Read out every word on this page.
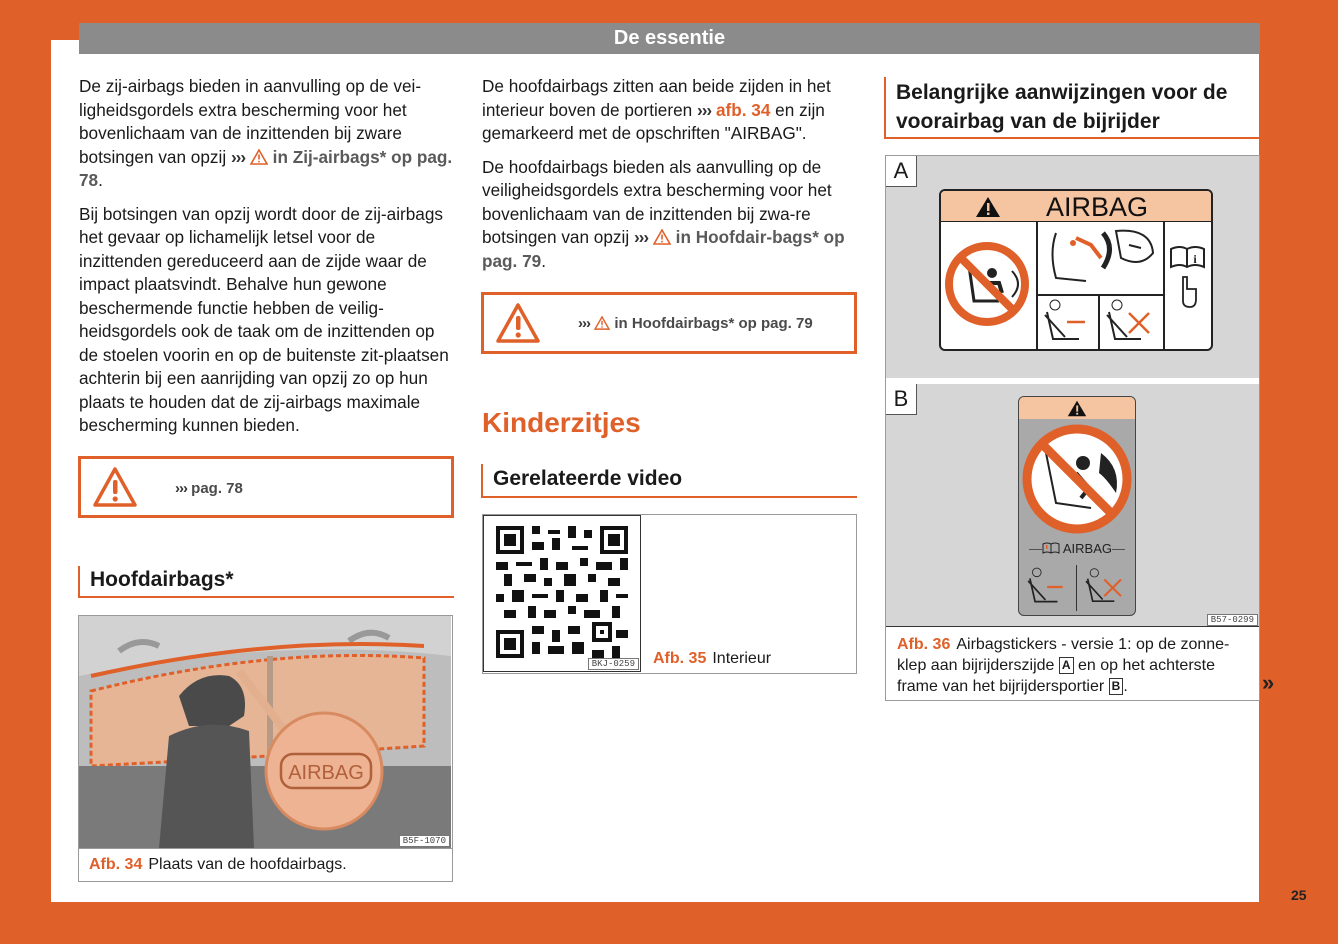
De essentie

De zij-airbags bieden in aanvulling op de vei-ligheidsgordels extra bescherming voor het bovenlichaam van de inzittenden bij zware botsingen van opzij ››› in Zij-airbags* op pag. 78.

Bij botsingen van opzij wordt door de zij-airbags het gevaar op lichamelijk letsel voor de inzittenden gereduceerd aan de zijde waar de impact plaatsvindt. Behalve hun gewone beschermende functie hebben de veilig-heidsgordels ook de taak om de inzittenden op de stoelen voorin en op de buitenste zit-plaatsen achterin bij een aanrijding van opzij zo op hun plaats te houden dat de zij-airbags maximale bescherming kunnen bieden.

››› pag. 78
Hoofdairbags*
AIRBAG
B5F-1070
Afb. 34 Plaats van de hoofdairbags.

De hoofdairbags zitten aan beide zijden in het interieur boven de portieren ››› afb. 34 en zijn gemarkeerd met de opschriften "AIRBAG".

De hoofdairbags bieden als aanvulling op de veiligheidsgordels extra bescherming voor het bovenlichaam van de inzittenden bij zwa-re botsingen van opzij ››› in Hoofdair-bags* op pag. 79.

››› in Hoofdairbags* op pag. 79
Kinderzitjes
Gerelateerde video
BKJ-0259 Afb. 35 Interieur
Belangrijke aanwijzingen voor de
voorairbag van de bijrijder
A
AIRBAG
i
B
— AIRBAG—
B57-0299
Afb. 36 Airbagstickers - versie 1: op de zonne-klep aan bijrijderszijde A en op het achterste frame van het bijrijdersportier B .	»
25
